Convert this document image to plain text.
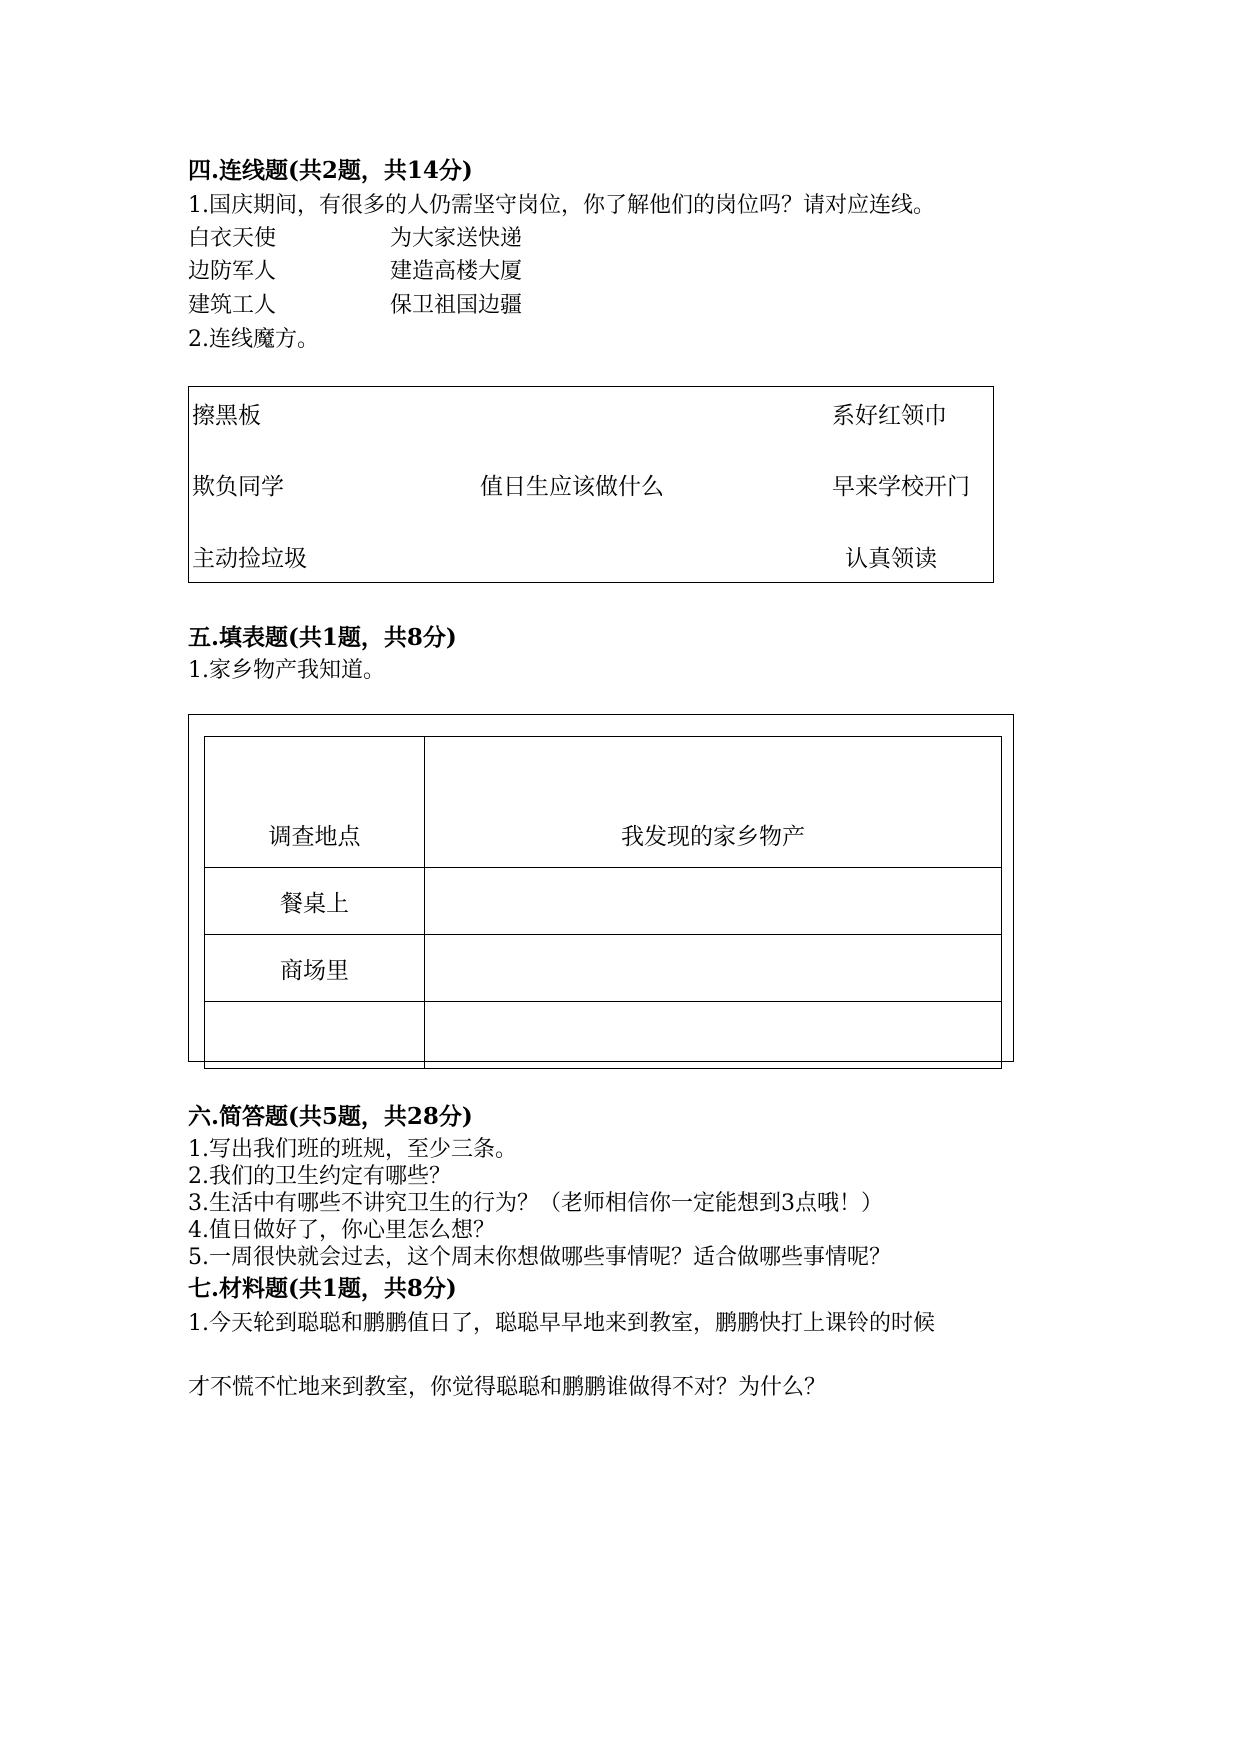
四.连线题(共2题，共14分)
1.国庆期间，有很多的人仍需坚守岗位，你了解他们的岗位吗？请对应连线。
白衣天使	为大家送快递
边防军人	建造高楼大厦
建筑工人	保卫祖国边疆
2.连线魔方。
擦黑板
欺负同学
主动捡垃圾
值日生应该做什么
系好红领巾
早来学校开门
认真领读
五.填表题(共1题，共8分)
1.家乡物产我知道。
调查地点	我发现的家乡物产
餐桌上	
商场里	

六.简答题(共5题，共28分)
1.写出我们班的班规，至少三条。
2.我们的卫生约定有哪些？
3.生活中有哪些不讲究卫生的行为？（老师相信你一定能想到3点哦！）
4.值日做好了，你心里怎么想？
5.一周很快就会过去，这个周末你想做哪些事情呢？适合做哪些事情呢？
七.材料题(共1题，共8分)
1.今天轮到聪聪和鹏鹏值日了，聪聪早早地来到教室，鹏鹏快打上课铃的时候
才不慌不忙地来到教室，你觉得聪聪和鹏鹏谁做得不对？为什么？
